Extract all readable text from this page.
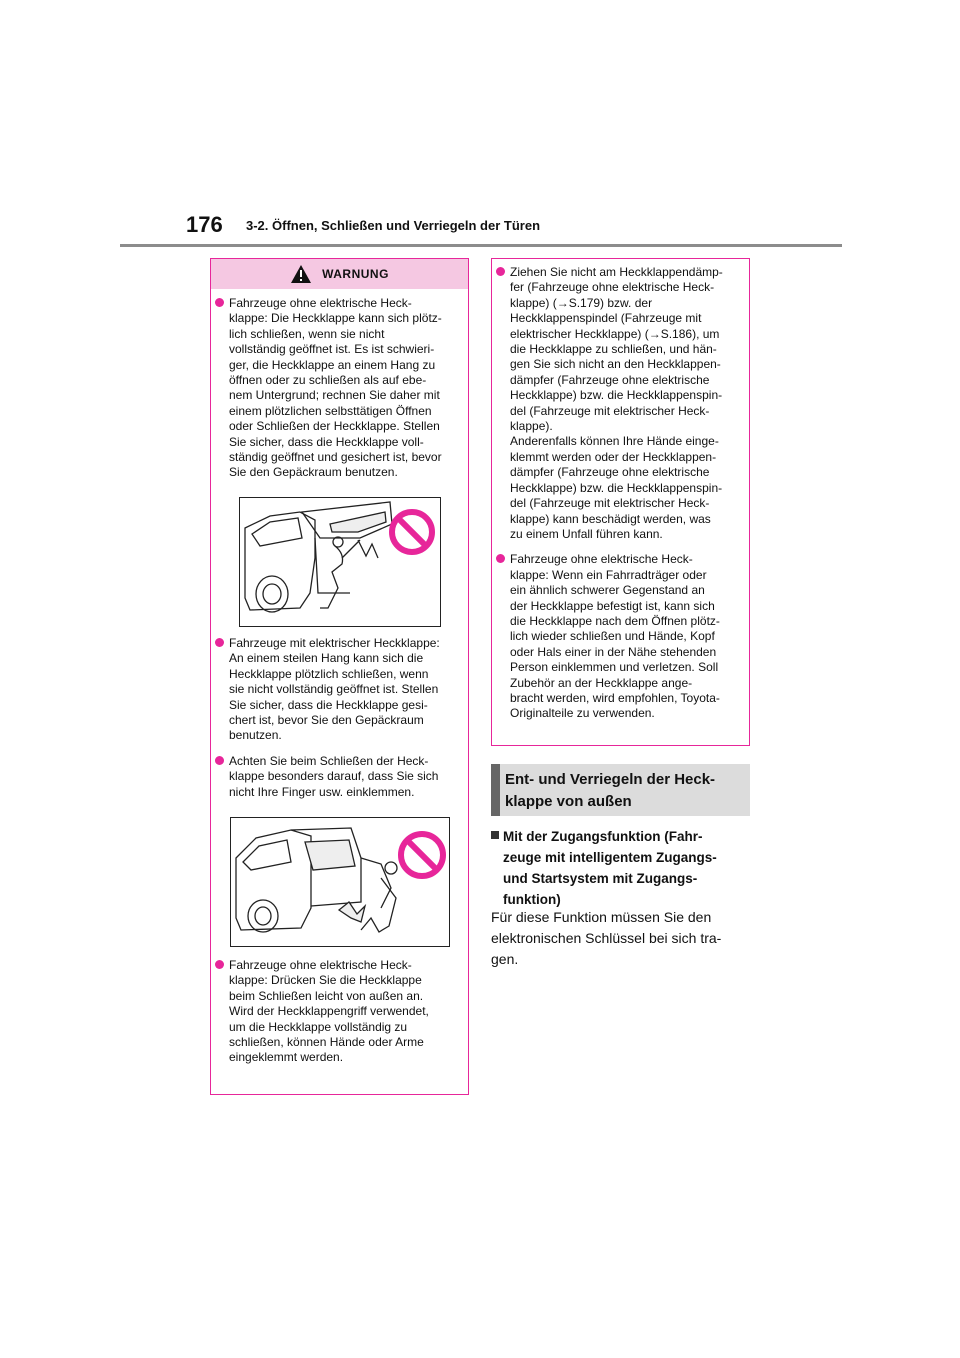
176 3-2. Öffnen, Schließen und Verriegeln der Türen
WARNUNG
Fahrzeuge ohne elektrische Heck-
klappe: Die Heckklappe kann sich plötz-
lich schließen, wenn sie nicht
vollständig geöffnet ist. Es ist schwieri-
ger, die Heckklappe an einem Hang zu
öffnen oder zu schließen als auf ebe-
nem Untergrund; rechnen Sie daher mit
einem plötzlichen selbsttätigen Öffnen
oder Schließen der Heckklappe. Stellen
Sie sicher, dass die Heckklappe voll-
ständig geöffnet und gesichert ist, bevor
Sie den Gepäckraum benutzen.
Fahrzeuge mit elektrischer Heckklappe:
An einem steilen Hang kann sich die
Heckklappe plötzlich schließen, wenn
sie nicht vollständig geöffnet ist. Stellen
Sie sicher, dass die Heckklappe gesi-
chert ist, bevor Sie den Gepäckraum
benutzen.
Achten Sie beim Schließen der Heck-
klappe besonders darauf, dass Sie sich
nicht Ihre Finger usw. einklemmen.
Fahrzeuge ohne elektrische Heck-
klappe: Drücken Sie die Heckklappe
beim Schließen leicht von außen an.
Wird der Heckklappengriff verwendet,
um die Heckklappe vollständig zu
schließen, können Hände oder Arme
eingeklemmt werden.
Ziehen Sie nicht am Heckklappendämp-
fer (Fahrzeuge ohne elektrische Heck-
klappe) (→S.179) bzw. der
Heckklappenspindel (Fahrzeuge mit
elektrischer Heckklappe) (→S.186), um
die Heckklappe zu schließen, und hän-
gen Sie sich nicht an den Heckklappen-
dämpfer (Fahrzeuge ohne elektrische
Heckklappe) bzw. die Heckklappenspin-
del (Fahrzeuge mit elektrischer Heck-
klappe).
Anderenfalls können Ihre Hände einge-
klemmt werden oder der Heckklappen-
dämpfer (Fahrzeuge ohne elektrische
Heckklappe) bzw. die Heckklappenspin-
del (Fahrzeuge mit elektrischer Heck-
klappe) kann beschädigt werden, was
zu einem Unfall führen kann.
Fahrzeuge ohne elektrische Heck-
klappe: Wenn ein Fahrradträger oder
ein ähnlich schwerer Gegenstand an
der Heckklappe befestigt ist, kann sich
die Heckklappe nach dem Öffnen plötz-
lich wieder schließen und Hände, Kopf
oder Hals einer in der Nähe stehenden
Person einklemmen und verletzen. Soll
Zubehör an der Heckklappe ange-
bracht werden, wird empfohlen, Toyota-
Originalteile zu verwenden.
Ent- und Verriegeln der Heck-
klappe von außen
Mit der Zugangsfunktion (Fahr-
zeuge mit intelligentem Zugangs-
und Startsystem mit Zugangs-
funktion)
Für diese Funktion müssen Sie den
elektronischen Schlüssel bei sich tra-
gen.
